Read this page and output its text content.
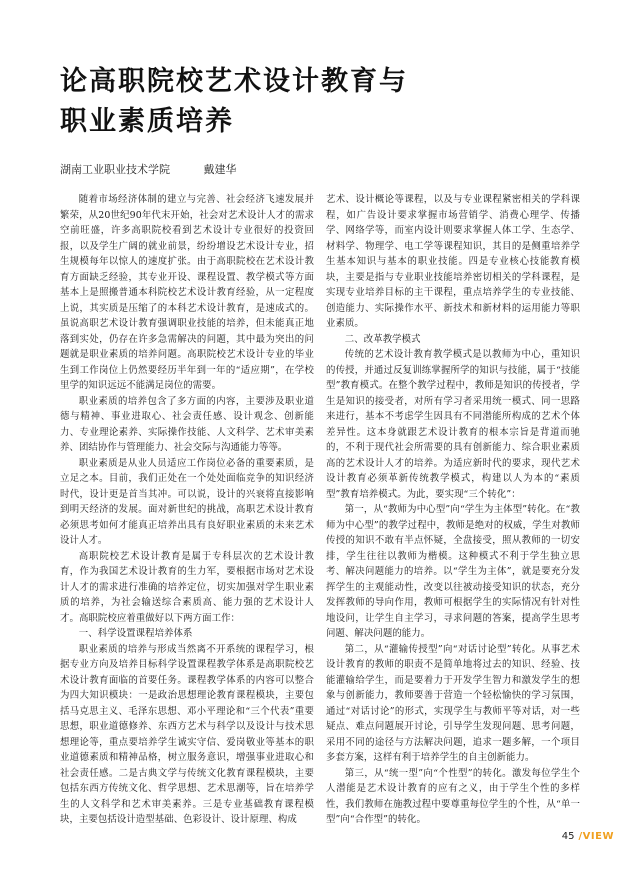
论高职院校艺术设计教育与
职业素质培养
湖南工业职业技术学院	戴建华

随着市场经济体制的建立与完善、社会经济飞速发展并繁荣，从20世纪90年代末开始，社会对艺术设计人才的需求空前旺盛，许多高职院校看到艺术设计专业很好的投资回报，以及学生广阔的就业前景，纷纷增设艺术设计专业，招生规模每年以惊人的速度扩张。由于高职院校在艺术设计教育方面缺乏经验，其专业开设、课程设置、教学模式等方面基本上是照搬普通本科院校艺术设计教育经验，从一定程度上说，其实质是压缩了的本科艺术设计教育，是速成式的。虽说高职艺术设计教育强调职业技能的培养，但未能真正地落到实处，仍存在许多急需解决的问题，其中最为突出的问题就是职业素质的培养问题。高职院校艺术设计专业的毕业生到工作岗位上仍然要经历半年到一年的“适应期”，在学校里学的知识远远不能满足岗位的需要。

职业素质的培养包含了多方面的内容，主要涉及职业道德与精神、事业进取心、社会责任感、设计观念、创新能力、专业理论素养、实际操作技能、人文科学、艺术审美素养、团结协作与管理能力、社会交际与沟通能力等等。

职业素质是从业人员适应工作岗位必备的重要素质，是立足之本。目前，我们正处在一个处处面临竞争的知识经济时代，设计更是首当其冲。可以说，设计的兴衰将直接影响到明天经济的发展。面对新世纪的挑战，高职艺术设计教育必须思考如何才能真正培养出具有良好职业素质的未来艺术设计人才。

高职院校艺术设计教育是属于专科层次的艺术设计教育，作为我国艺术设计教育的生力军，要根据市场对艺术设计人才的需求进行准确的培养定位，切实加强对学生职业素质的培养，为社会输送综合素质高、能力强的艺术设计人才。高职院校应着重做好以下两方面工作：

一、科学设置课程培养体系

职业素质的培养与形成当然离不开系统的课程学习，根据专业方向及培养目标科学设置课程教学体系是高职院校艺术设计教育面临的首要任务。课程教学体系的内容可以整合为四大知识模块：一是政治思想理论教育课程模块，主要包括马克思主义、毛泽东思想、邓小平理论和“三个代表”重要思想，职业道德修养、东西方艺术与科学以及设计与技术思想理论等，重点要培养学生诚实守信、爱岗敬业等基本的职业道德素质和精神品格，树立服务意识，增强事业进取心和社会责任感。二是古典文学与传统文化教育课程模块，主要包括东西方传统文化、哲学思想、艺术思潮等，旨在培养学生的人文科学和艺术审美素养。三是专业基础教育课程模块，主要包括设计造型基础、色彩设计、设计原理、构成

艺术、设计概论等课程，以及与专业课程紧密相关的学科课程，如广告设计要求掌握市场营销学、消费心理学、传播学、网络学等，而室内设计则要求掌握人体工学、生态学、材料学、物理学、电工学等课程知识，其目的是侧重培养学生基本知识与基本的职业技能。四是专业核心技能教育模块，主要是指与专业职业技能培养密切相关的学科课程，是实现专业培养目标的主干课程，重点培养学生的专业技能、创造能力、实际操作水平、新技术和新材料的运用能力等职业素质。

二、改革教学模式

传统的艺术设计教育教学模式是以教师为中心，重知识的传授，并通过反复训练掌握所学的知识与技能，属于“技能型”教育模式。在整个教学过程中，教师是知识的传授者，学生是知识的接受者，对所有学习者采用统一模式、同一思路来进行，基本不考虑学生因具有不同潜能所构成的艺术个体差异性。这本身就跟艺术设计教育的根本宗旨是背道而驰的，不利于现代社会所需要的具有创新能力、综合职业素质高的艺术设计人才的培养。为适应新时代的要求，现代艺术设计教育必须革新传统教学模式，构建以人为本的“素质型”教育培养模式。为此，要实现“三个转化”：

第一，从“教师为中心型”向“学生为主体型”转化。在“教师为中心型”的教学过程中，教师是绝对的权威，学生对教师传授的知识不敢有半点怀疑，全盘接受，照从教师的一切安排，学生往往以教师为楷模。这种模式不利于学生独立思考、解决问题能力的培养。以“学生为主体”，就是要充分发挥学生的主观能动性，改变以往被动接受知识的状态，充分发挥教师的导向作用，教师可根据学生的实际情况有针对性地设问，让学生自主学习，寻求问题的答案，提高学生思考问题、解决问题的能力。

第二，从“灌输传授型”向“对话讨论型”转化。从事艺术设计教育的教师的职责不是简单地将过去的知识、经验、技能灌输给学生，而是要着力于开发学生智力和激发学生的想象与创新能力，教师要善于营造一个轻松愉快的学习氛围，通过“对话讨论”的形式，实现学生与教师平等对话，对一些疑点、难点问题展开讨论，引导学生发现问题、思考问题，采用不同的途径与方法解决问题，追求一题多解，一个项目多套方案，这样有利于培养学生的自主创新能力。

第三，从“统一型”向“个性型”的转化。激发每位学生个人潜能是艺术设计教育的应有之义，由于学生个性的多样性，我们教师在施教过程中要尊重每位学生的个性，从“单一型”向“合作型”的转化。

45 /VIEW
